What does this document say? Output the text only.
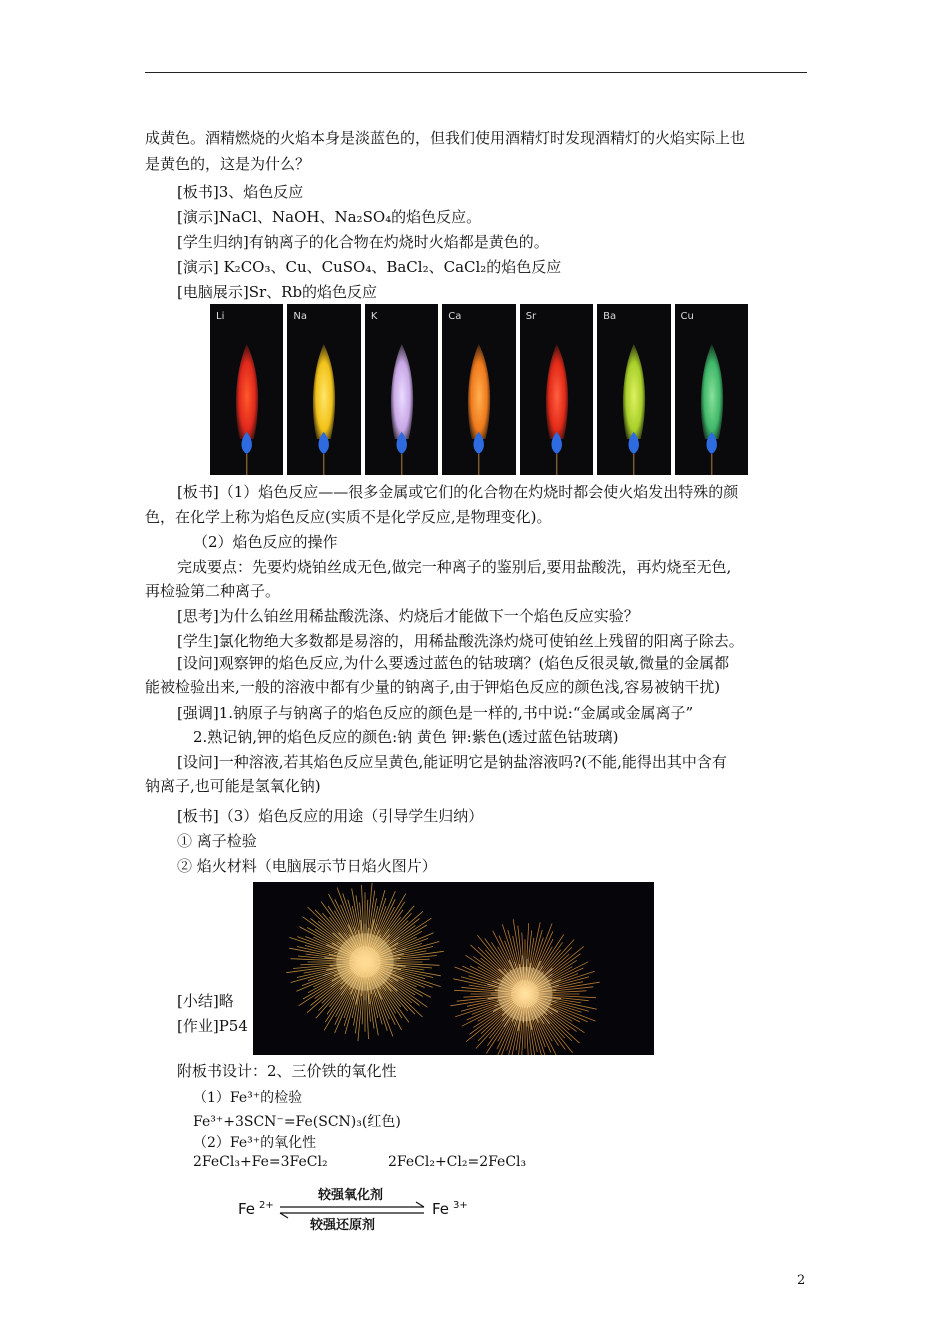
成黄色。酒精燃烧的火焰本身是淡蓝色的，但我们使用酒精灯时发现酒精灯的火焰实际上也
是黄色的，这是为什么？
[板书]3、焰色反应
[演示]NaCl、NaOH、Na₂SO₄的焰色反应。
[学生归纳]有钠离子的化合物在灼烧时火焰都是黄色的。
[演示] K₂CO₃、Cu、CuSO₄、BaCl₂、CaCl₂的焰色反应
[电脑展示]Sr、Rb的焰色反应
Li	Na	K	Ca	Sr	Ba	Cu
[板书]（1）焰色反应——很多金属或它们的化合物在灼烧时都会使火焰发出特殊的颜
色，在化学上称为焰色反应(实质不是化学反应,是物理变化)。
（2）焰色反应的操作
完成要点：先要灼烧铂丝成无色,做完一种离子的鉴别后,要用盐酸洗，再灼烧至无色,
再检验第二种离子。
[思考]为什么铂丝用稀盐酸洗涤、灼烧后才能做下一个焰色反应实验？
[学生]氯化物绝大多数都是易溶的，用稀盐酸洗涤灼烧可使铂丝上残留的阳离子除去。
[设问]观察钾的焰色反应,为什么要透过蓝色的钴玻璃？(焰色反很灵敏,微量的金属都
能被检验出来,一般的溶液中都有少量的钠离子,由于钾焰色反应的颜色浅,容易被钠干扰)
[强调]1.钠原子与钠离子的焰色反应的颜色是一样的,书中说:“金属或金属离子”
2.熟记钠,钾的焰色反应的颜色:钠 黄色 钾:紫色(透过蓝色钴玻璃)
[设问]一种溶液,若其焰色反应呈黄色,能证明它是钠盐溶液吗?(不能,能得出其中含有
钠离子,也可能是氢氧化钠)
[板书]（3）焰色反应的用途（引导学生归纳）
① 离子检验
② 焰火材料（电脑展示节日焰火图片）
[小结]略
[作业]P54
附板书设计：2、三价铁的氧化性
（1）Fe³⁺的检验
Fe³⁺+3SCN⁻=Fe(SCN)₃(红色)
（2）Fe³⁺的氧化性
2FeCl₃+Fe=3FeCl₂	2FeCl₂+Cl₂=2FeCl₃
Fe $^{2+}$	Fe $^{3+}$
较强氧化剂
较强还原剂
2
